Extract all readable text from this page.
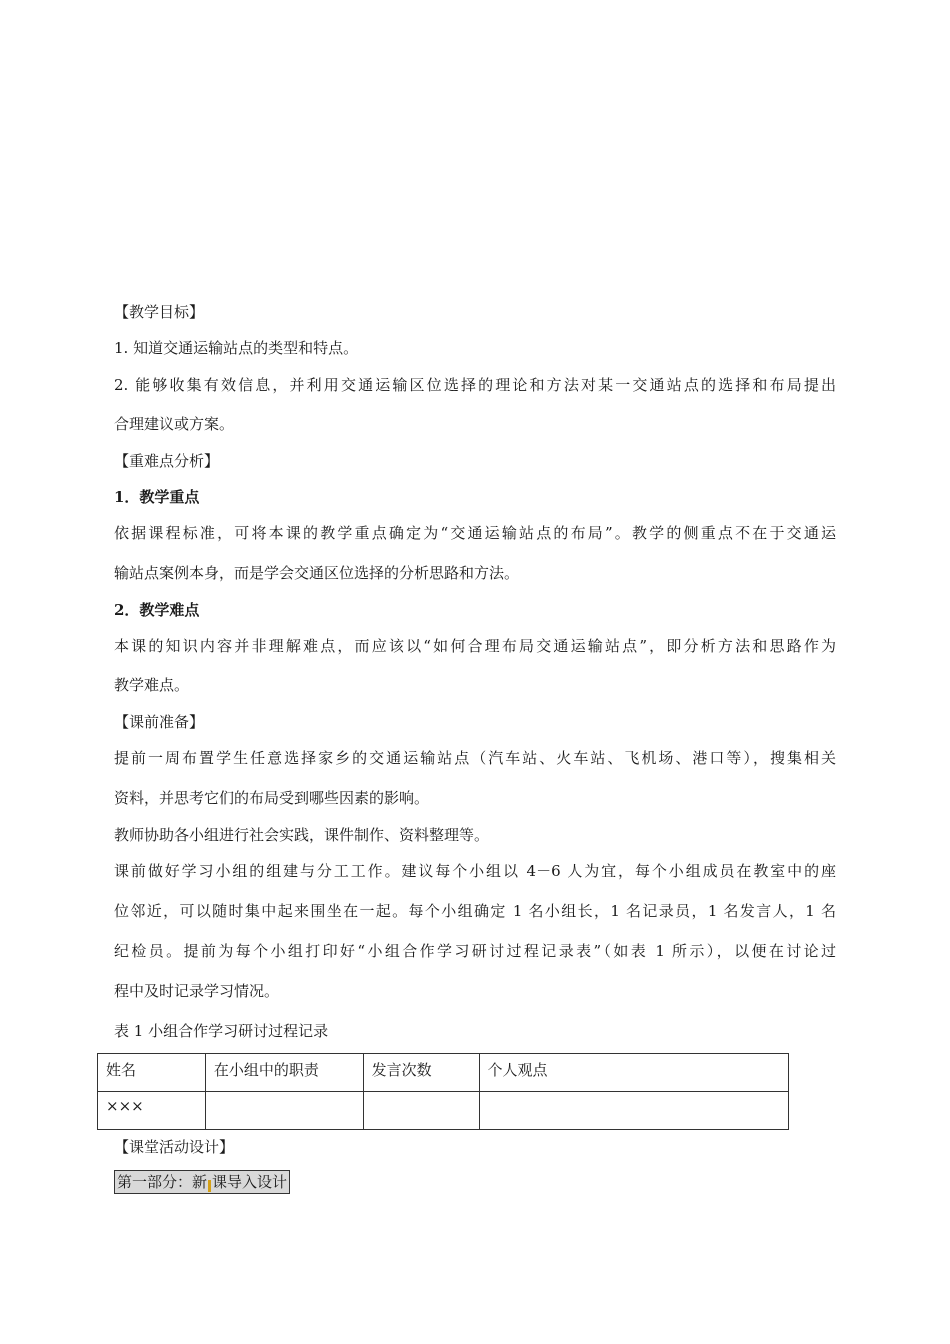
【教学目标】
1. 知道交通运输站点的类型和特点。
2. 能够收集有效信息，并利用交通运输区位选择的理论和方法对某一交通站点的选择和布局提出
合理建议或方案。
【重难点分析】
1．教学重点
依据课程标准，可将本课的教学重点确定为“交通运输站点的布局”。教学的侧重点不在于交通运
输站点案例本身，而是学会交通区位选择的分析思路和方法。
2．教学难点
本课的知识内容并非理解难点，而应该以“如何合理布局交通运输站点”，即分析方法和思路作为
教学难点。
【课前准备】
提前一周布置学生任意选择家乡的交通运输站点（汽车站、火车站、飞机场、港口等），搜集相关
资料，并思考它们的布局受到哪些因素的影响。
教师协助各小组进行社会实践，课件制作、资料整理等。
课前做好学习小组的组建与分工工作。建议每个小组以 4－6 人为宜，每个小组成员在教室中的座
位邻近，可以随时集中起来围坐在一起。每个小组确定 1 名小组长，1 名记录员，1 名发言人，1 名
纪检员。提前为每个小组打印好“小组合作学习研讨过程记录表”（如表 1 所示），以便在讨论过
程中及时记录学习情况。
表 1 小组合作学习研讨过程记录
姓名	在小组中的职责	发言次数	个人观点
×××			
【课堂活动设计】
第一部分：新 课导入设计
